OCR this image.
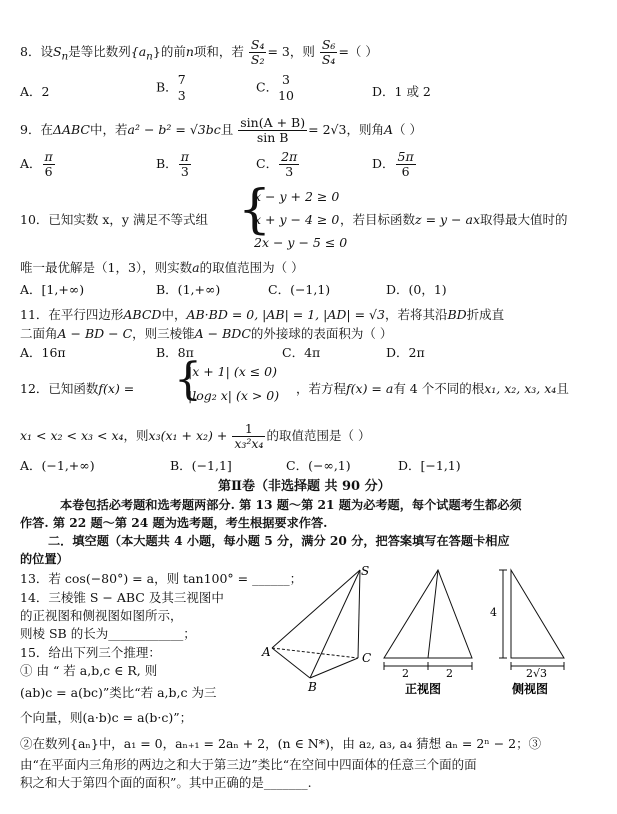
8．设$S_n$是等比数列$\{a_n\}$的前n项和，若 $\frac{\text{S₄}}{\text{S₂}} = 3$，则 $\frac{\text{S₆}}{\text{S₄}}$ =（ ）
A．2	B． 7
3
C． 3
10	D．1 或 2
9．在ΔABC中，若a² − b² = √3bc且 $\frac{\sin(A + B)}{\text{sin B}} = 2√3$，则角A（ ）
A． $\frac{\pi}{6}$	B． $\frac{\pi}{3}$	C． $\frac{2\pi}{3}$	D． $\frac{5\pi}{6}$
10．已知实数 x，y 满足不等式组 {
x − y + 2 ≥ 0
x + y − 4 ≥ 0
2x − y − 5 ≤ 0
，若目标函数z = y − ax取得最大值时的
唯一最优解是（1，3），则实数a的取值范围为（ ）
A．[1,+∞)	B．(1,+∞)	C．(−1,1)	D．(0，1)
11．在平行四边形ABCD中，AB·BD = 0, |AB| = 1, |AD| = √3，若将其沿BD折成直
二面角A − BD − C，则三棱锥A − BDC的外接球的表面积为（ ）
A．16π	B．8π	C．4π	D．2π
12．已知函数f(x) = {
|x + 1| (x ≤ 0)
|log₂ x| (x > 0) ，若方程f(x) = a有 4 个不同的根x₁, x₂, x₃, x₄且
x₁ < x₂ < x₃ < x₄，则$x_3(x_1 + x_2) + \frac{1}{\text{x₃²x₄}}$ 的取值范围是（ ）
A．(−1,+∞)	B．(−1,1]	C．(−∞,1)	D．[−1,1)
第Ⅱ卷（非选择题 共 90 分）
本卷包括必考题和选考题两部分. 第 13 题～第 21 题为必考题，每个试题考生都必须
作答. 第 22 题～第 24 题为选考题，考生根据要求作答.
二．填空题（本大题共 4 小题，每小题 5 分，满分 20 分，把答案填写在答题卡相应
的位置）
13．若 cos(−80°) = a，则 tan100° = ______；
14．三棱锥 S − ABC 及其三视图中
的正视图和侧视图如图所示，
则棱 SB 的长为____________；
15．给出下列三个推理：
① 由 “ 若 a,b,c ∈ R, 则
(ab)c = a(bc)”类比“若 a,b,c 为三
个向量，则(a·b)c = a(b·c)”；
②在数列{aₙ}中，a₁ = 0，aₙ₊₁ = 2aₙ + 2，(n ∈ N*)，由 a₂, a₃, a₄ 猜想 aₙ = 2ⁿ − 2；③
由“在平面内三角形的两边之和大于第三边”类比“在空间中四面体的任意三个面的面
积之和大于第四个面的面积”。其中正确的是_______.
S
A
B
C
2	2
正视图
4
2√3
侧视图
